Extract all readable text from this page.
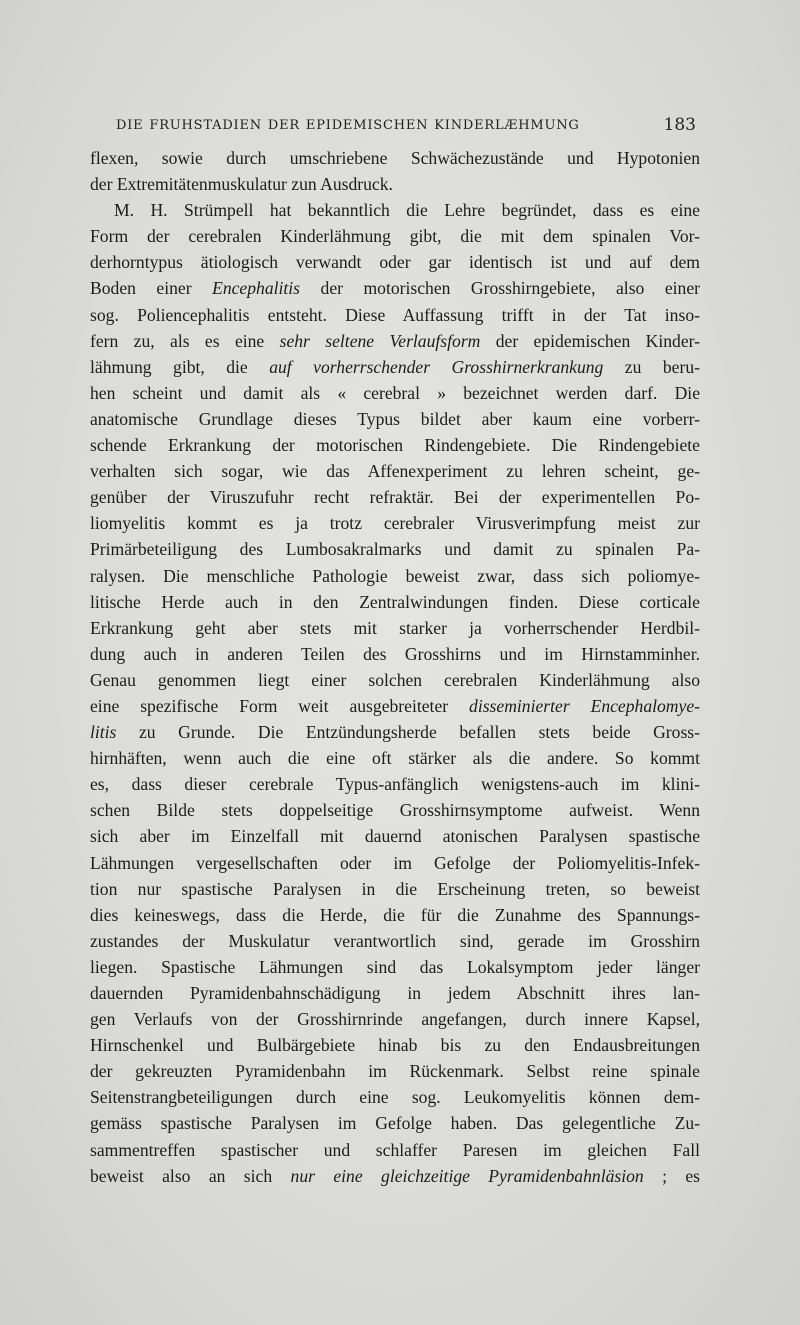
DIE FRUHSTADIEN DER EPIDEMISCHEN KINDERLÆHMUNG	183
flexen, sowie durch umschriebene Schwächezustände und Hypotonien
der Extremitätenmuskulatur zun Ausdruck.
M. H. Strümpell hat bekanntlich die Lehre begründet, dass es eine
Form der cerebralen Kinderlähmung gibt, die mit dem spinalen Vor-
derhorntypus ätiologisch verwandt oder gar identisch ist und auf dem
Boden einer Encephalitis der motorischen Grosshirngebiete, also einer
sog. Poliencephalitis entsteht. Diese Auffassung trifft in der Tat inso-
fern zu, als es eine sehr seltene Verlaufsform der epidemischen Kinder-
lähmung gibt, die auf vorherrschender Grosshirnerkrankung zu beru-
hen scheint und damit als « cerebral » bezeichnet werden darf. Die
anatomische Grundlage dieses Typus bildet aber kaum eine vorberr-
schende Erkrankung der motorischen Rindengebiete. Die Rindengebiete
verhalten sich sogar, wie das Affenexperiment zu lehren scheint, ge-
genüber der Viruszufuhr recht refraktär. Bei der experimentellen Po-
liomyelitis kommt es ja trotz cerebraler Virusverimpfung meist zur
Primärbeteiligung des Lumbosakralmarks und damit zu spinalen Pa-
ralysen. Die menschliche Pathologie beweist zwar, dass sich poliomye-
litische Herde auch in den Zentralwindungen finden. Diese corticale
Erkrankung geht aber stets mit starker ja vorherrschender Herdbil-
dung auch in anderen Teilen des Grosshirns und im Hirnstamminher.
Genau genommen liegt einer solchen cerebralen Kinderlähmung also
eine spezifische Form weit ausgebreiteter disseminierter Encephalomye-
litis zu Grunde. Die Entzündungsherde befallen stets beide Gross-
hirnhäften, wenn auch die eine oft stärker als die andere. So kommt
es, dass dieser cerebrale Typus-anfänglich wenigstens-auch im klini-
schen Bilde stets doppelseitige Grosshirnsymptome aufweist. Wenn
sich aber im Einzelfall mit dauernd atonischen Paralysen spastische
Lähmungen vergesellschaften oder im Gefolge der Poliomyelitis-Infek-
tion nur spastische Paralysen in die Erscheinung treten, so beweist
dies keineswegs, dass die Herde, die für die Zunahme des Spannungs-
zustandes der Muskulatur verantwortlich sind, gerade im Grosshirn
liegen. Spastische Lähmungen sind das Lokalsymptom jeder länger
dauernden Pyramidenbahnschädigung in jedem Abschnitt ihres lan-
gen Verlaufs von der Grosshirnrinde angefangen, durch innere Kapsel,
Hirnschenkel und Bulbärgebiete hinab bis zu den Endausbreitungen
der gekreuzten Pyramidenbahn im Rückenmark. Selbst reine spinale
Seitenstrangbeteiligungen durch eine sog. Leukomyelitis können dem-
gemäss spastische Paralysen im Gefolge haben. Das gelegentliche Zu-
sammentreffen spastischer und schlaffer Paresen im gleichen Fall
beweist also an sich nur eine gleichzeitige Pyramidenbahnläsion ; es
